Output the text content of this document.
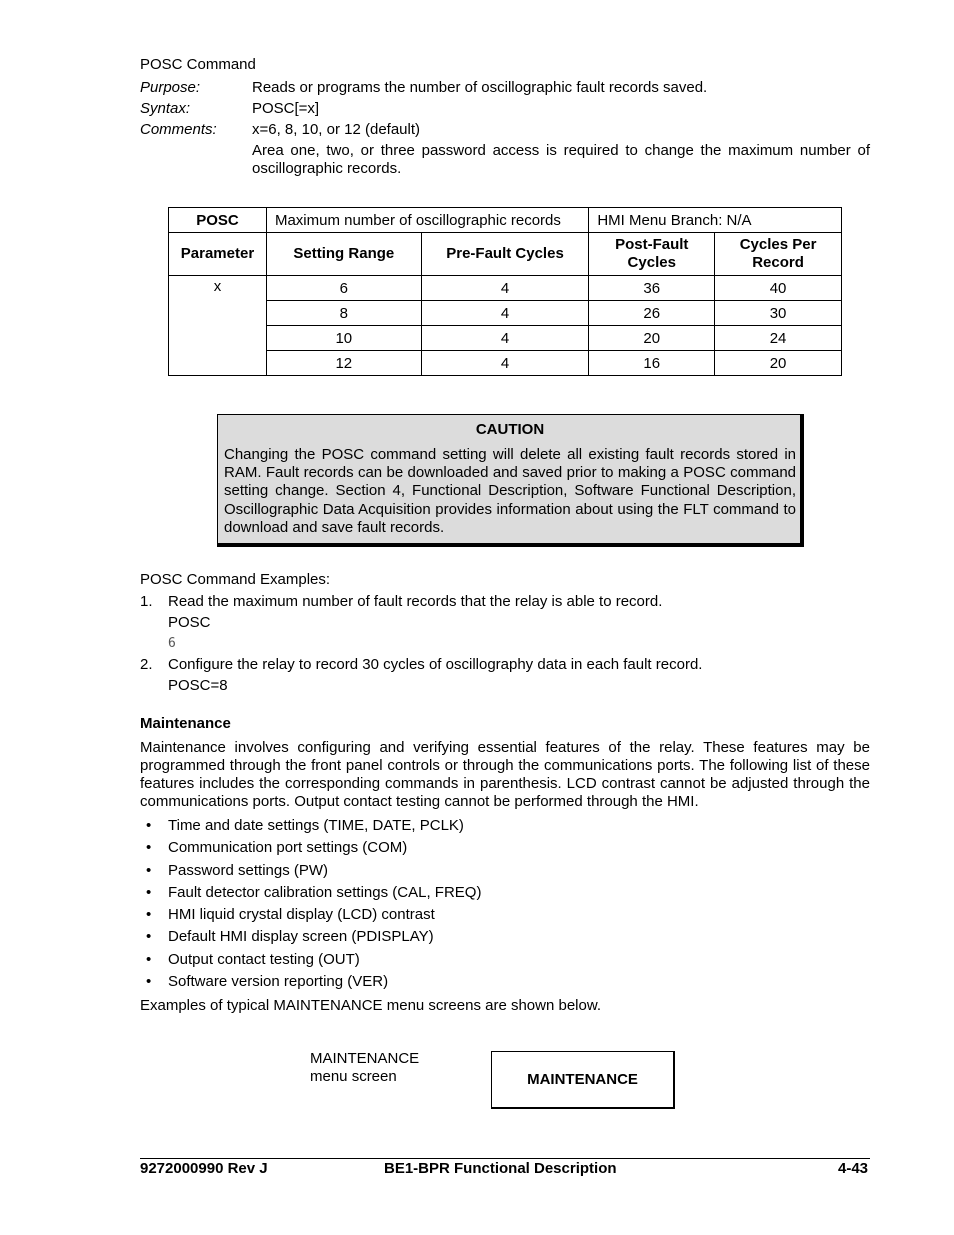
POSC Command
Purpose:	Reads or programs the number of oscillographic fault records saved.
Syntax:	POSC[=x]
Comments: x=6, 8, 10, or 12 (default)
Area one, two, or three password access is required to change the maximum number of oscillographic records.
POSC	Maximum number of oscillographic records		HMI Menu Branch: N/A	
Parameter	Setting Range	Pre-Fault Cycles	Post-Fault Cycles	Cycles Per Record
x	6	4	36	40
	8	4	26	30
	10	4	20	24
	12	4	16	20
CAUTION
Changing the POSC command setting will delete all existing fault records stored in RAM. Fault records can be downloaded and saved prior to making a POSC command setting change. Section 4, Functional Description, Software Functional Description, Oscillographic Data Acquisition provides information about using the FLT command to download and save fault records.
POSC Command Examples:
1. Read the maximum number of fault records that the relay is able to record.
POSC
6
2. Configure the relay to record 30 cycles of oscillography data in each fault record.
POSC=8
Maintenance
Maintenance involves configuring and verifying essential features of the relay. These features may be programmed through the front panel controls or through the communications ports. The following list of these features includes the corresponding commands in parenthesis. LCD contrast cannot be adjusted through the communications ports. Output contact testing cannot be performed through the HMI.
• Time and date settings (TIME, DATE, PCLK)
• Communication port settings (COM)
• Password settings (PW)
• Fault detector calibration settings (CAL, FREQ)
• HMI liquid crystal display (LCD) contrast
• Default HMI display screen (PDISPLAY)
• Output contact testing (OUT)
• Software version reporting (VER)
Examples of typical MAINTENANCE menu screens are shown below.
MAINTENANCE
menu screen	MAINTENANCE
9272000990 Rev J	BE1-BPR Functional Description	4-43
